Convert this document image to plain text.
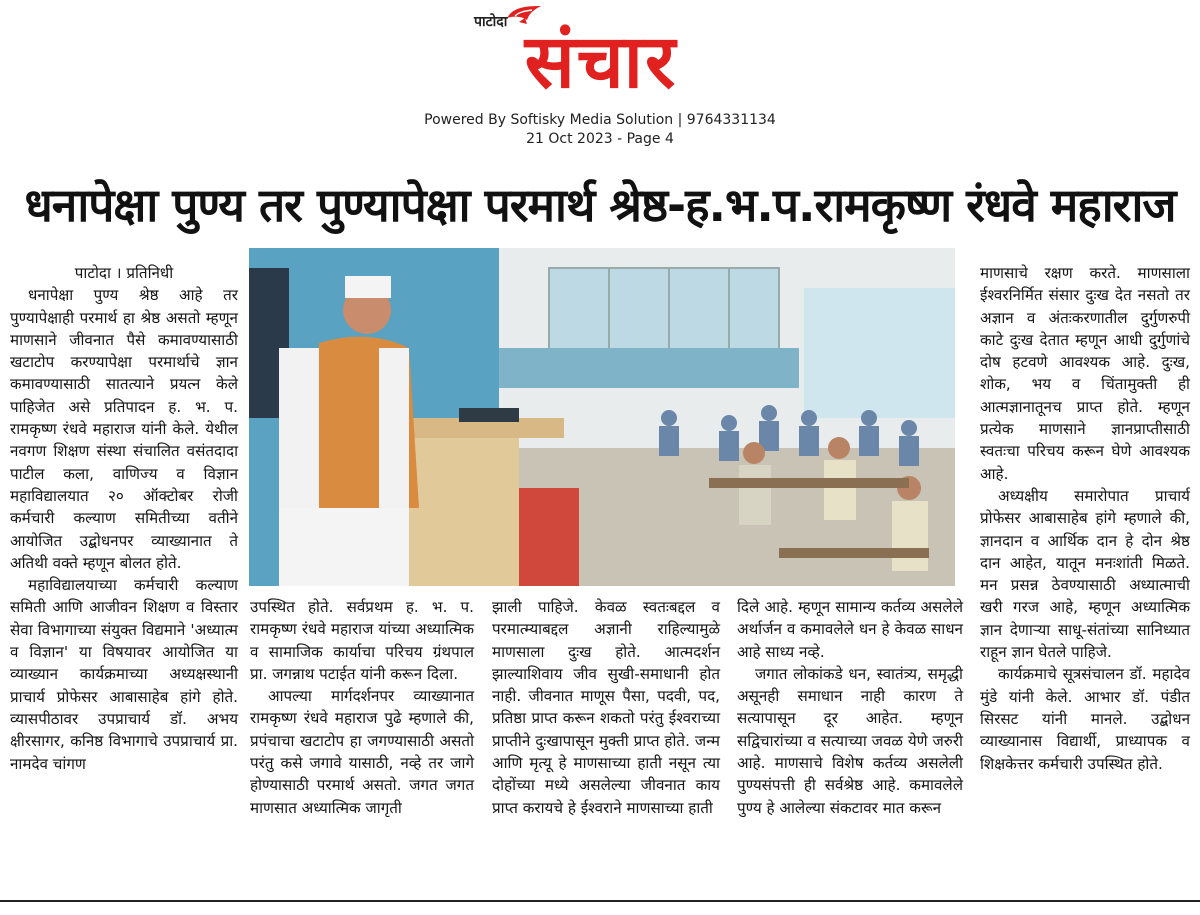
पाटोदा संचार
Powered By Softisky Media Solution | 9764331134
21 Oct 2023 - Page 4
धनापेक्षा पुण्य तर पुण्यापेक्षा परमार्थ श्रेष्ठ-ह.भ.प.रामकृष्ण रंधवे महाराज

पाटोदा । प्रतिनिधी

धनापेक्षा पुण्य श्रेष्ठ आहे तर पुण्यापेक्षाही परमार्थ हा श्रेष्ठ असतो म्हणून माणसाने जीवनात पैसे कमावण्यासाठी खटाटोप करण्यापेक्षा परमार्थाचे ज्ञान कमावण्यासाठी सातत्याने प्रयत्न केले पाहिजेत असे प्रतिपादन ह. भ. प. रामकृष्ण रंधवे महाराज यांनी केले. येथील नवगण शिक्षण संस्था संचालित वसंतदादा पाटील कला, वाणिज्य व विज्ञान महाविद्यालयात २० ऑक्टोबर रोजी कर्मचारी कल्याण समितीच्या वतीने आयोजित उद्बोधनपर व्याख्यानात ते अतिथी वक्ते म्हणून बोलत होते.

महाविद्यालयाच्या कर्मचारी कल्याण समिती आणि आजीवन शिक्षण व विस्तार सेवा विभागाच्या संयुक्त विद्यमाने 'अध्यात्म व विज्ञान' या विषयावर आयोजित या व्याख्यान कार्यक्रमाच्या अध्यक्षस्थानी प्राचार्य प्रोफेसर आबासाहेब हांगे होते. व्यासपीठावर उपप्राचार्य डॉ. अभय क्षीरसागर, कनिष्ठ विभागाचे उपप्राचार्य प्रा. नामदेव चांगण

उपस्थित होते. सर्वप्रथम ह. भ. प. रामकृष्ण रंधवे महाराज यांच्या अध्यात्मिक व सामाजिक कार्याचा परिचय ग्रंथपाल प्रा. जगन्नाथ पटाईत यांनी करून दिला.

आपल्या मार्गदर्शनपर व्याख्यानात रामकृष्ण रंधवे महाराज पुढे म्हणाले की, प्रपंचाचा खटाटोप हा जगण्यासाठी असतो परंतु कसे जगावे यासाठी, नव्हे तर जागे होण्यासाठी परमार्थ असतो. जगत जगत माणसात अध्यात्मिक जागृती

झाली पाहिजे. केवळ स्वतःबद्दल व परमात्म्याबद्दल अज्ञानी राहिल्यामुळे माणसाला दुःख होते. आत्मदर्शन झाल्याशिवाय जीव सुखी-समाधानी होत नाही. जीवनात माणूस पैसा, पदवी, पद, प्रतिष्ठा प्राप्त करून शकतो परंतु ईश्वराच्या प्राप्तीने दुःखापासून मुक्ती प्राप्त होते. जन्म आणि मृत्यू हे माणसाच्या हाती नसून त्या दोहोंच्या मध्ये असलेल्या जीवनात काय प्राप्त करायचे हे ईश्वराने माणसाच्या हाती

दिले आहे. म्हणून सामान्य कर्तव्य असलेले अर्थार्जन व कमावलेले धन हे केवळ साधन आहे साध्य नव्हे.

जगात लोकांकडे धन, स्वातंत्र्य, समृद्धी असूनही समाधान नाही कारण ते सत्यापासून दूर आहेत. म्हणून सद्विचारांच्या व सत्याच्या जवळ येणे जरुरी आहे. माणसाचे विशेष कर्तव्य असलेली पुण्यसंपत्ती ही सर्वश्रेष्ठ आहे. कमावलेले पुण्य हे आलेल्या संकटावर मात करून

माणसाचे रक्षण करते. माणसाला ईश्वरनिर्मित संसार दुःख देत नसतो तर अज्ञान व अंतःकरणातील दुर्गुणरुपी काटे दुःख देतात म्हणून आधी दुर्गुणांचे दोष हटवणे आवश्यक आहे. दुःख, शोक, भय व चिंतामुक्ती ही आत्मज्ञानातूनच प्राप्त होते. म्हणून प्रत्येक माणसाने ज्ञानप्राप्तीसाठी स्वतःचा परिचय करून घेणे आवश्यक आहे.

अध्यक्षीय समारोपात प्राचार्य प्रोफेसर आबासाहेब हांगे म्हणाले की, ज्ञानदान व आर्थिक दान हे दोन श्रेष्ठ दान आहेत, यातून मनःशांती मिळते. मन प्रसन्न ठेवण्यासाठी अध्यात्माची खरी गरज आहे, म्हणून अध्यात्मिक ज्ञान देणाऱ्या साधू-संतांच्या सानिध्यात राहून ज्ञान घेतले पाहिजे.

कार्यक्रमाचे सूत्रसंचालन डॉ. महादेव मुंडे यांनी केले. आभार डॉ. पंडीत सिरसट यांनी मानले. उद्बोधन व्याख्यानास विद्यार्थी, प्राध्यापक व शिक्षकेत्तर कर्मचारी उपस्थित होते.
